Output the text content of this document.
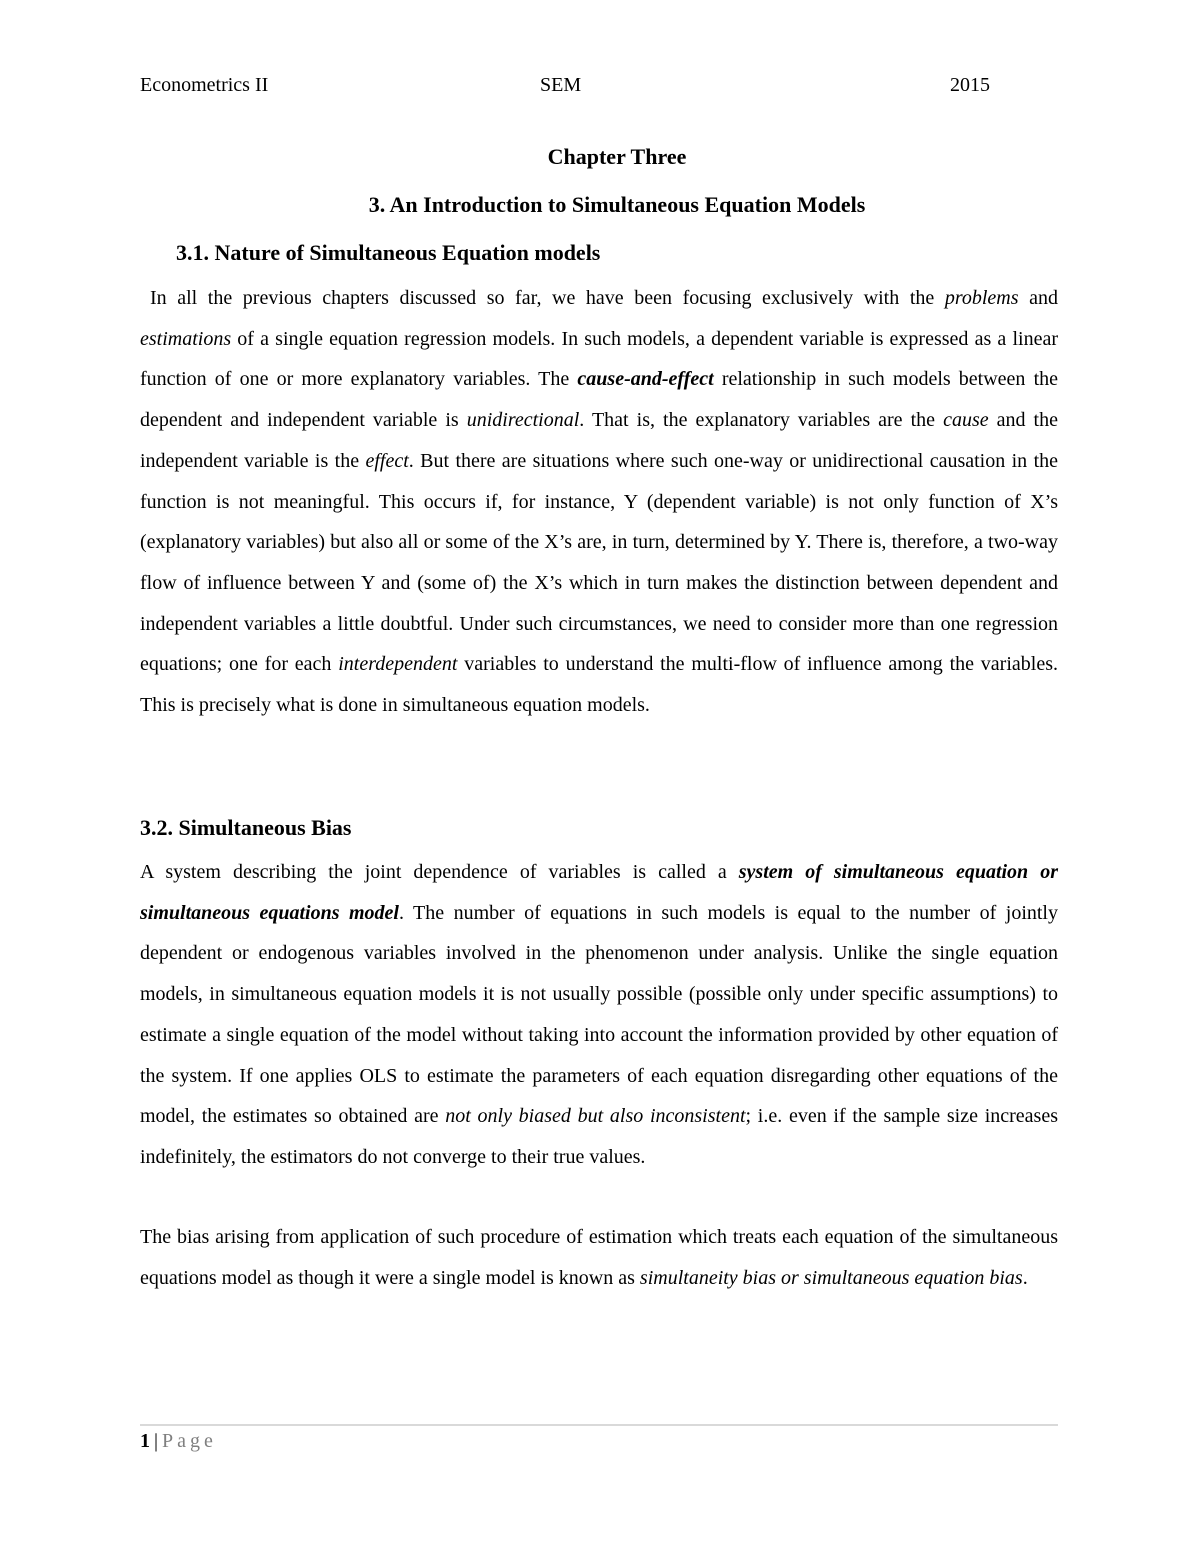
Econometrics II	SEM	2015
Chapter Three
3. An Introduction to Simultaneous Equation Models
3.1. Nature of Simultaneous Equation models

In all the previous chapters discussed so far, we have been focusing exclusively with the problems and estimations of a single equation regression models. In such models, a dependent variable is expressed as a linear function of one or more explanatory variables. The cause-and-effect relationship in such models between the dependent and independent variable is unidirectional. That is, the explanatory variables are the cause and the independent variable is the effect. But there are situations where such one-way or unidirectional causation in the function is not meaningful. This occurs if, for instance, Y (dependent variable) is not only function of X’s (explanatory variables) but also all or some of the X’s are, in turn, determined by Y. There is, therefore, a two-way flow of influence between Y and (some of) the X’s which in turn makes the distinction between dependent and independent variables a little doubtful. Under such circumstances, we need to consider more than one regression equations; one for each interdependent variables to understand the multi-flow of influence among the variables. This is precisely what is done in simultaneous equation models.

3.2. Simultaneous Bias

A system describing the joint dependence of variables is called a system of simultaneous equation or simultaneous equations model. The number of equations in such models is equal to the number of jointly dependent or endogenous variables involved in the phenomenon under analysis. Unlike the single equation models, in simultaneous equation models it is not usually possible (possible only under specific assumptions) to estimate a single equation of the model without taking into account the information provided by other equation of the system. If one applies OLS to estimate the parameters of each equation disregarding other equations of the model, the estimates so obtained are not only biased but also inconsistent; i.e. even if the sample size increases indefinitely, the estimators do not converge to their true values.

The bias arising from application of such procedure of estimation which treats each equation of the simultaneous equations model as though it were a single model is known as simultaneity bias or simultaneous equation bias.

1 | Page
